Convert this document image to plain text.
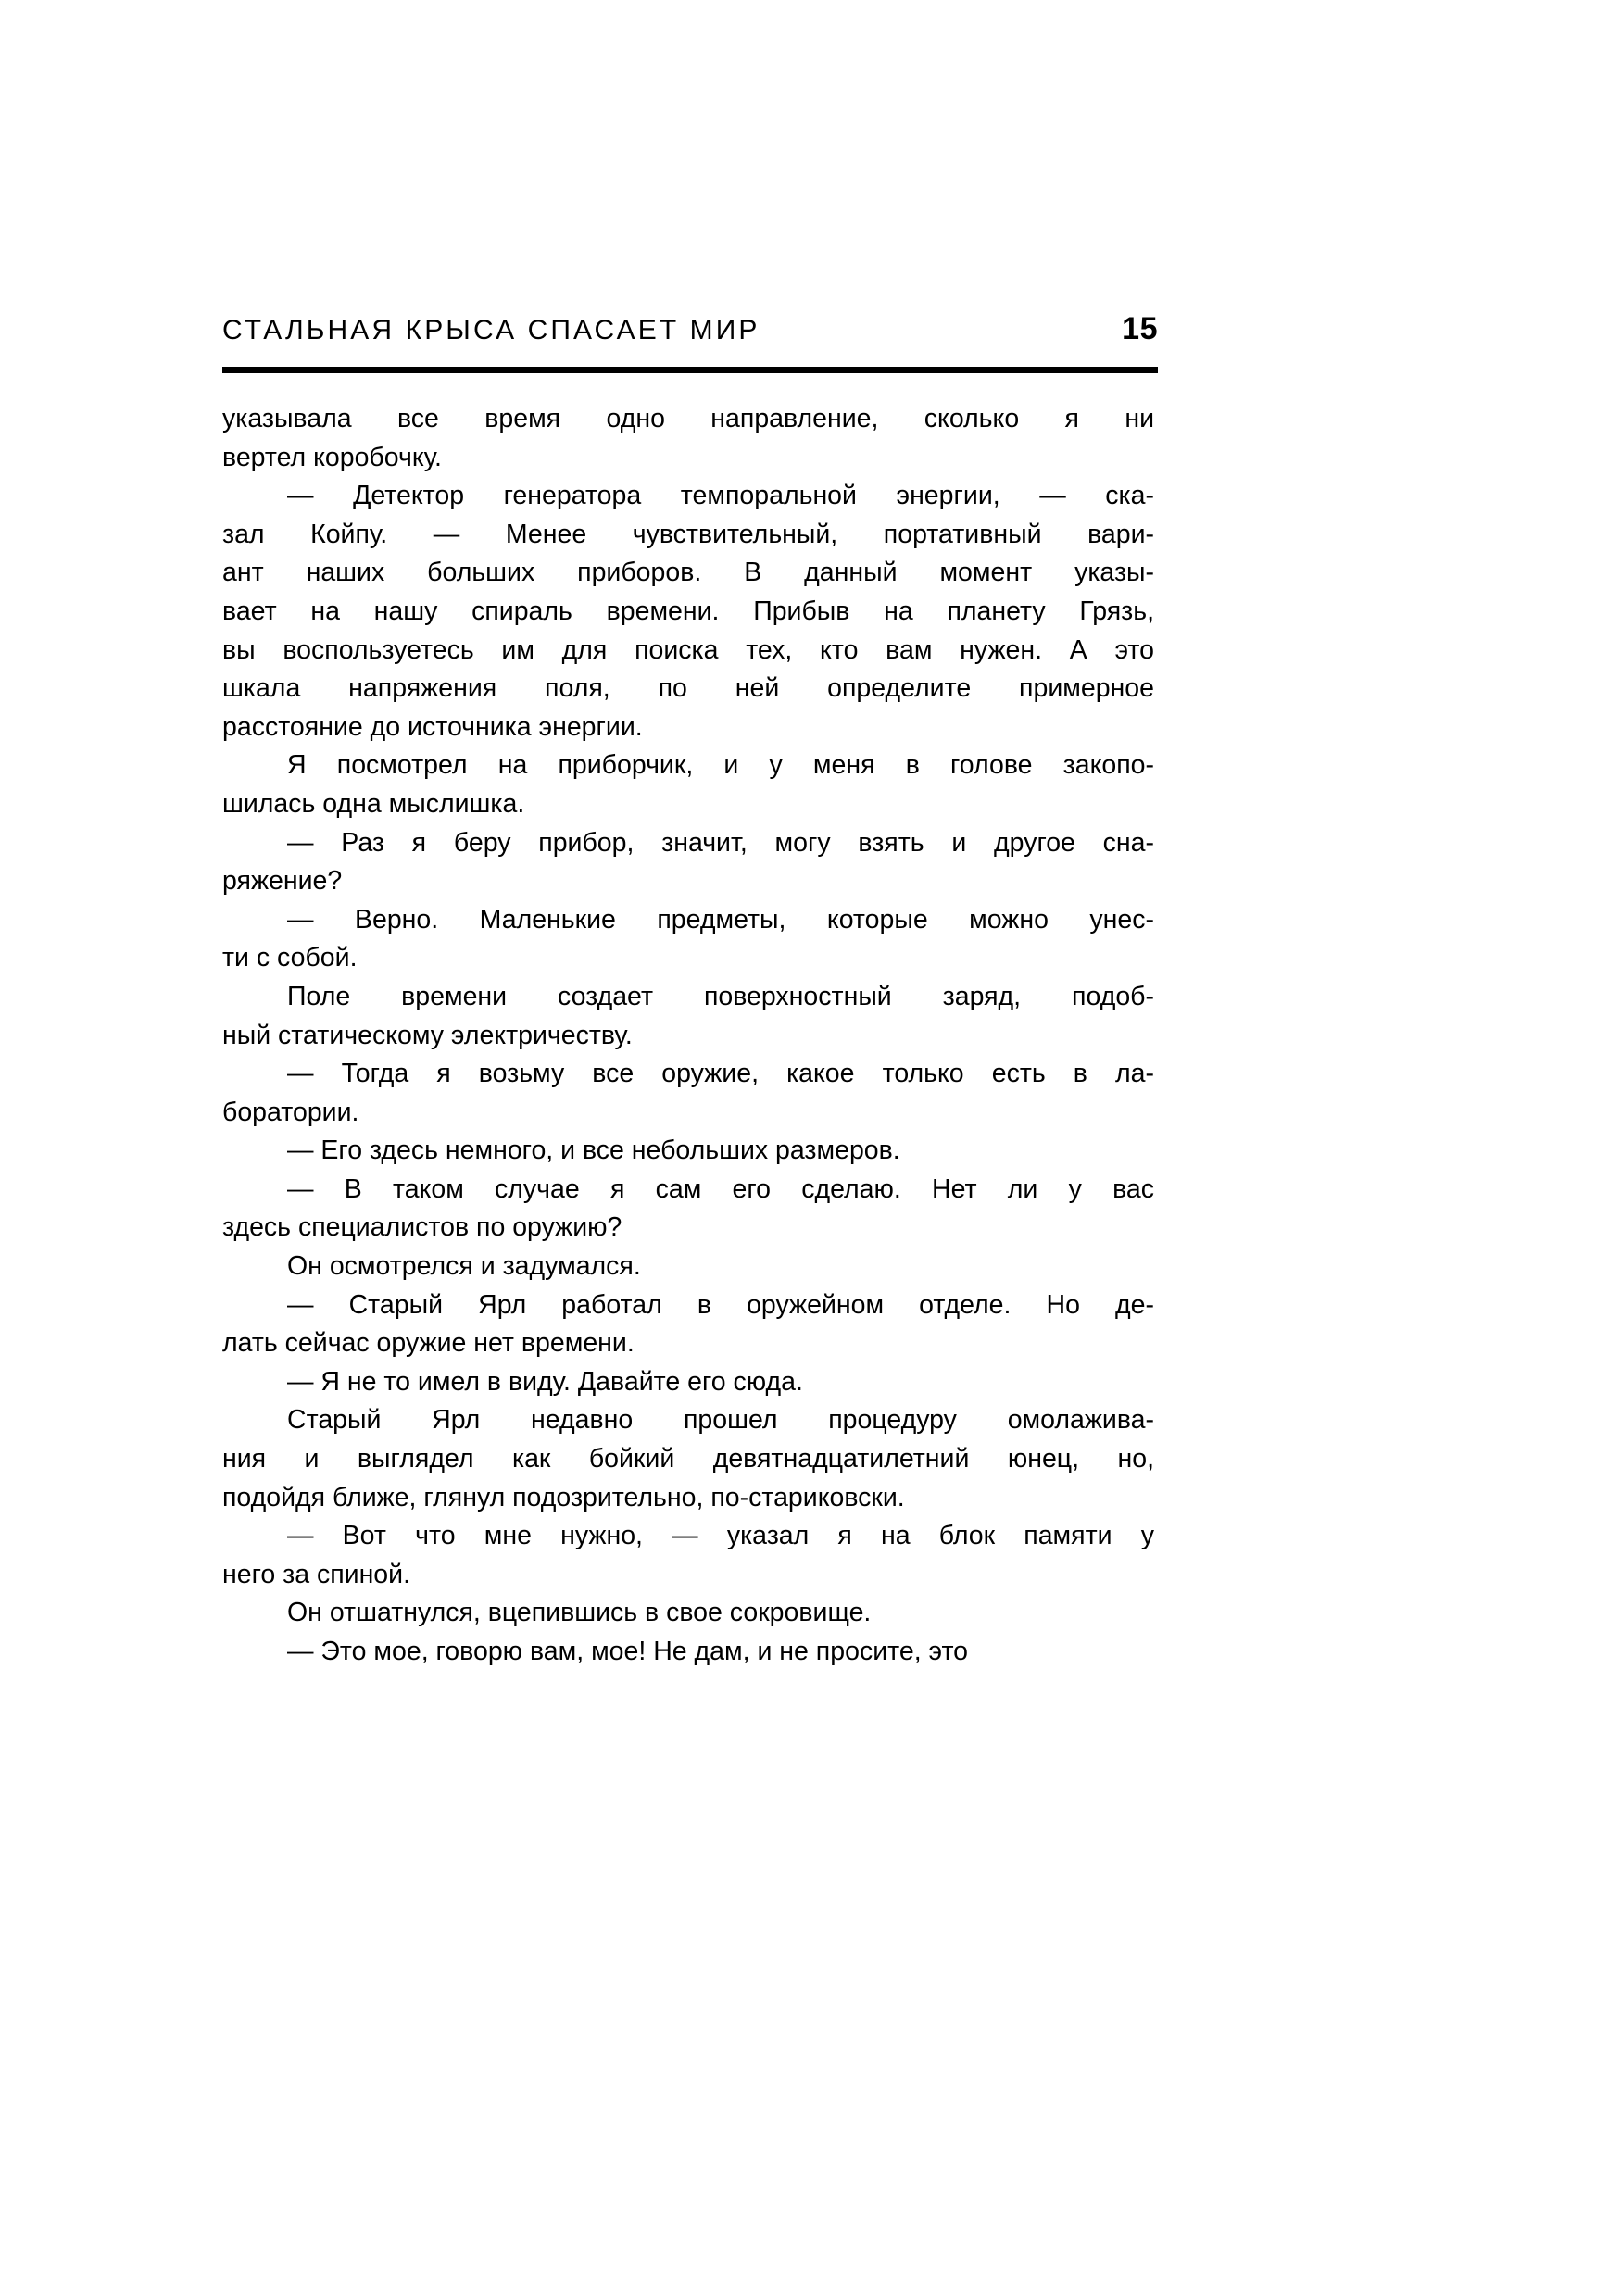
СТАЛЬНАЯ КРЫСА СПАСАЕТ МИР	15

указывала все время одно направление, сколько я ни
вертел коробочку.

— Детектор генератора темпоральной энергии, — ска-
зал Койпу. — Менее чувствительный, портативный вари-
ант наших больших приборов. В данный момент указы-
вает на нашу спираль времени. Прибыв на планету Грязь,
вы воспользуетесь им для поиска тех, кто вам нужен. А это
шкала напряжения поля, по ней определите примерное
расстояние до источника энергии.

Я посмотрел на приборчик, и у меня в голове закопо-
шилась одна мыслишка.

— Раз я беру прибор, значит, могу взять и другое сна-
ряжение?

— Верно. Маленькие предметы, которые можно унес-
ти с собой.

Поле времени создает поверхностный заряд, подоб-
ный статическому электричеству.

— Тогда я возьму все оружие, какое только есть в ла-
боратории.

— Его здесь немного, и все небольших размеров.

— В таком случае я сам его сделаю. Нет ли у вас
здесь специалистов по оружию?

Он осмотрелся и задумался.

— Старый Ярл работал в оружейном отделе. Но де-
лать сейчас оружие нет времени.

— Я не то имел в виду. Давайте его сюда.

Старый Ярл недавно прошел процедуру омолажива-
ния и выглядел как бойкий девятнадцатилетний юнец, но,
подойдя ближе, глянул подозрительно, по-стариковски.

— Вот что мне нужно, — указал я на блок памяти у
него за спиной.

Он отшатнулся, вцепившись в свое сокровище.

— Это мое, говорю вам, мое! Не дам, и не просите, это
